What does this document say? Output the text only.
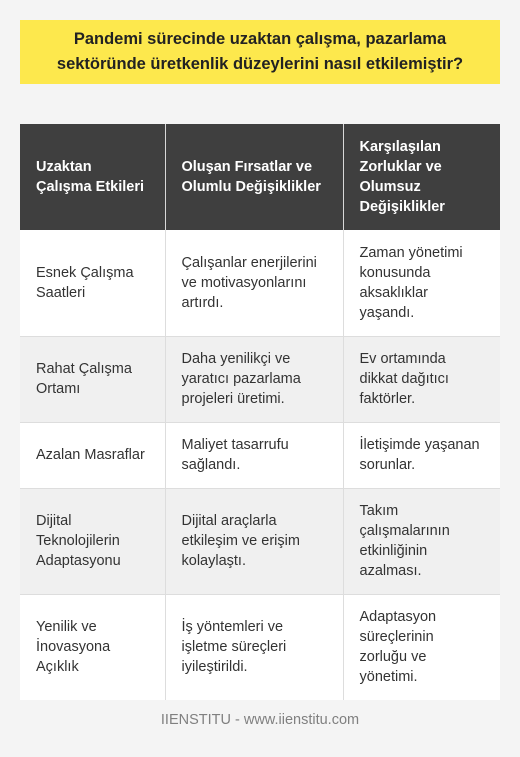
Pandemi sürecinde uzaktan çalışma, pazarlama sektöründe üretkenlik düzeylerini nasıl etkilemiştir?
Uzaktan Çalışma Etkileri	Oluşan Fırsatlar ve Olumlu Değişiklikler	Karşılaşılan Zorluklar ve Olumsuz Değişiklikler
Esnek Çalışma Saatleri	Çalışanlar enerjilerini ve motivasyonlarını artırdı.	Zaman yönetimi konusunda aksaklıklar yaşandı.
Rahat Çalışma Ortamı	Daha yenilikçi ve yaratıcı pazarlama projeleri üretimi.	Ev ortamında dikkat dağıtıcı faktörler.
Azalan Masraflar	Maliyet tasarrufu sağlandı.	İletişimde yaşanan sorunlar.
Dijital Teknolojilerin Adaptasyonu	Dijital araçlarla etkileşim ve erişim kolaylaştı.	Takım çalışmalarının etkinliğinin azalması.
Yenilik ve İnovasyona Açıklık	İş yöntemleri ve işletme süreçleri iyileştirildi.	Adaptasyon süreçlerinin zorluğu ve yönetimi.
IIENSTITU - www.iienstitu.com
